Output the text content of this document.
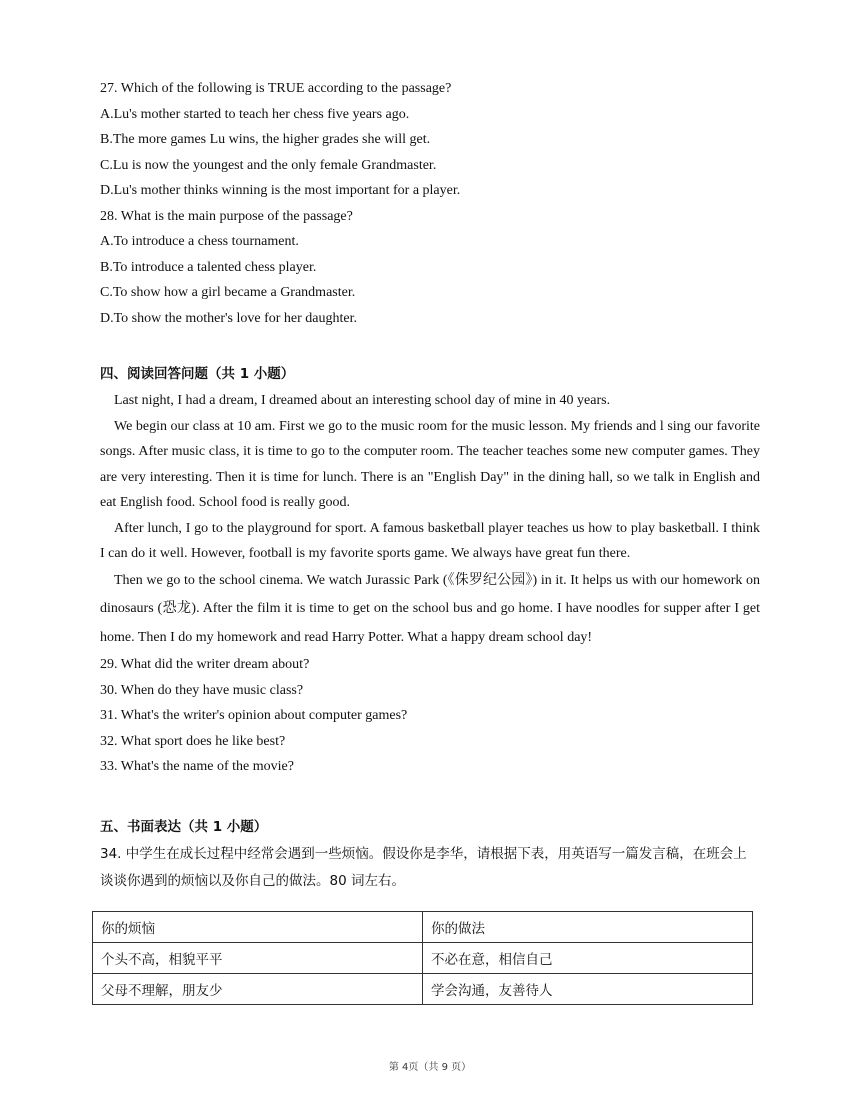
27. Which of the following is TRUE according to the passage?
A.Lu's mother started to teach her chess five years ago.
B.The more games Lu wins, the higher grades she will get.
C.Lu is now the youngest and the only female Grandmaster.
D.Lu's mother thinks winning is the most important for a player.
28. What is the main purpose of the passage?
A.To introduce a chess tournament.
B.To introduce a talented chess player.
C.To show how a girl became a Grandmaster.
D.To show the mother's love for her daughter.
四、阅读回答问题（共 1 小题）
Last night, I had a dream, I dreamed about an interesting school day of mine in 40 years.
We begin our class at 10 am. First we go to the music room for the music lesson. My friends and l sing our favorite songs. After music class, it is time to go to the computer room. The teacher teaches some new computer games. They are very interesting. Then it is time for lunch. There is an "English Day" in the dining hall, so we talk in English and eat English food. School food is really good.
After lunch, I go to the playground for sport. A famous basketball player teaches us how to play basketball. I think I can do it well. However, football is my favorite sports game. We always have great fun there.
Then we go to the school cinema. We watch Jurassic Park (《侏罗纪公园》) in it. It helps us with our homework on dinosaurs (恐龙). After the film it is time to get on the school bus and go home. I have noodles for supper after I get home. Then I do my homework and read Harry Potter. What a happy dream school day!
29. What did the writer dream about?
30. When do they have music class?
31. What's the writer's opinion about computer games?
32. What sport does he like best?
33. What's the name of the movie?
五、书面表达（共 1 小题）
34. 中学生在成长过程中经常会遇到一些烦恼。假设你是李华，请根据下表，用英语写一篇发言稿，在班会上谈谈你遇到的烦恼以及你自己的做法。80 词左右。
你的烦恼	你的做法
个头不高，相貌平平	不必在意，相信自己
父母不理解，朋友少	学会沟通，友善待人
第 4页（共 9 页）
